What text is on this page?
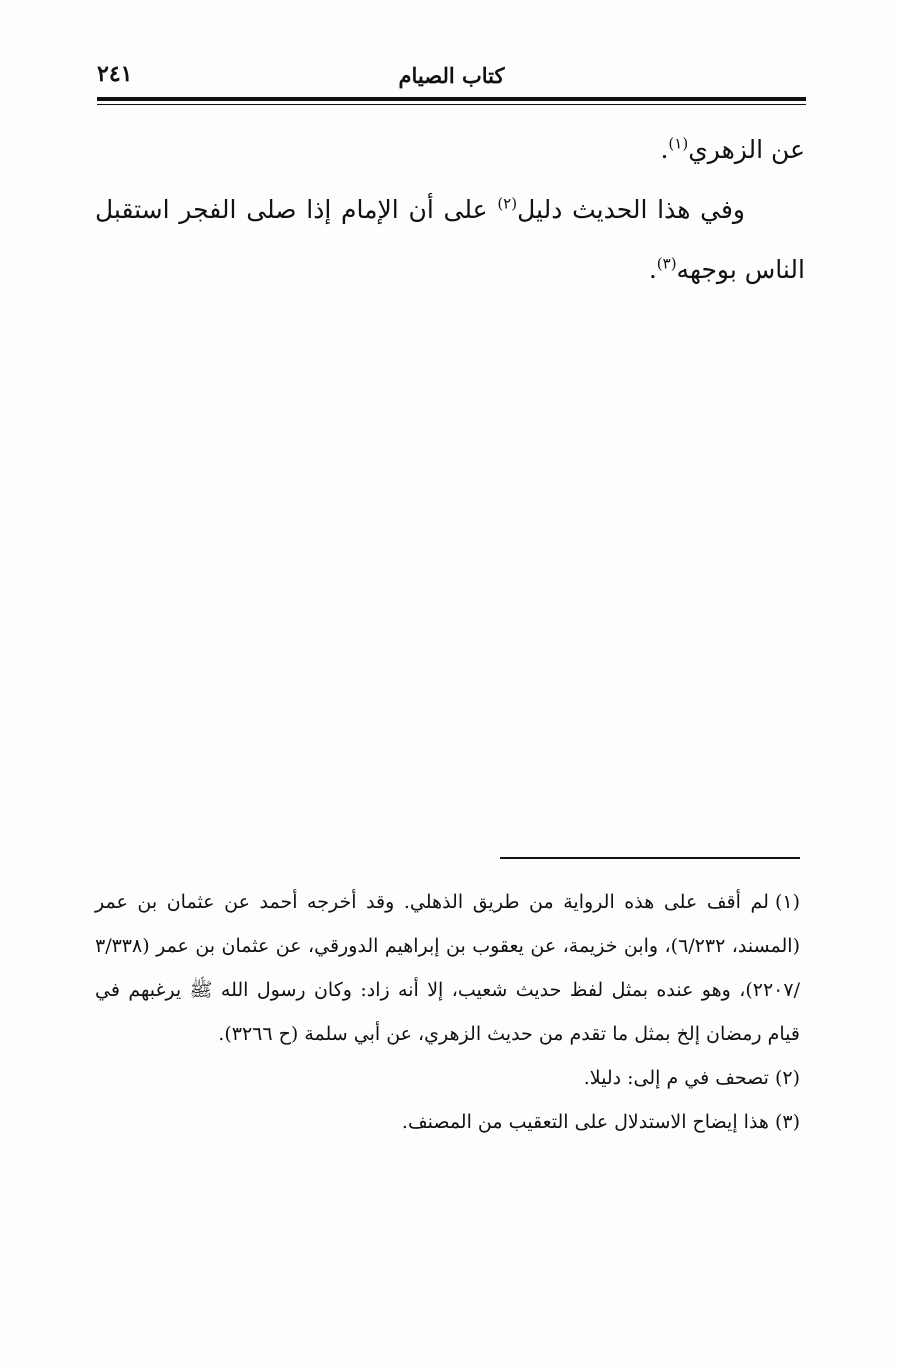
كتاب الصيام
٢٤١

عن الزهري$^{(١)}$.

وفي هذا الحديث دليل$^{(٢)}$ على أن الإمام إذا صلى الفجر استقبل الناس بوجهه$^{(٣)}$.

(١)لم أقف على هذه الرواية من طريق الذهلي. وقد أخرجه أحمد عن عثمان بن عمر (المسند، ٦/٢٣٢)، وابن خزيمة، عن يعقوب بن إبراهيم الدورقي، عن عثمان بن عمر (٣/٣٣٨ /٢٢٠٧)، وهو عنده بمثل لفظ حديث شعيب، إلا أنه زاد: وكان رسول الله ﷺ يرغبهم في قيام رمضان إلخ بمثل ما تقدم من حديث الزهري، عن أبي سلمة (ح ٣٢٦٦).

(٢)تصحف في م إلى: دليلا.

(٣)هذا إيضاح الاستدلال على التعقيب من المصنف.
